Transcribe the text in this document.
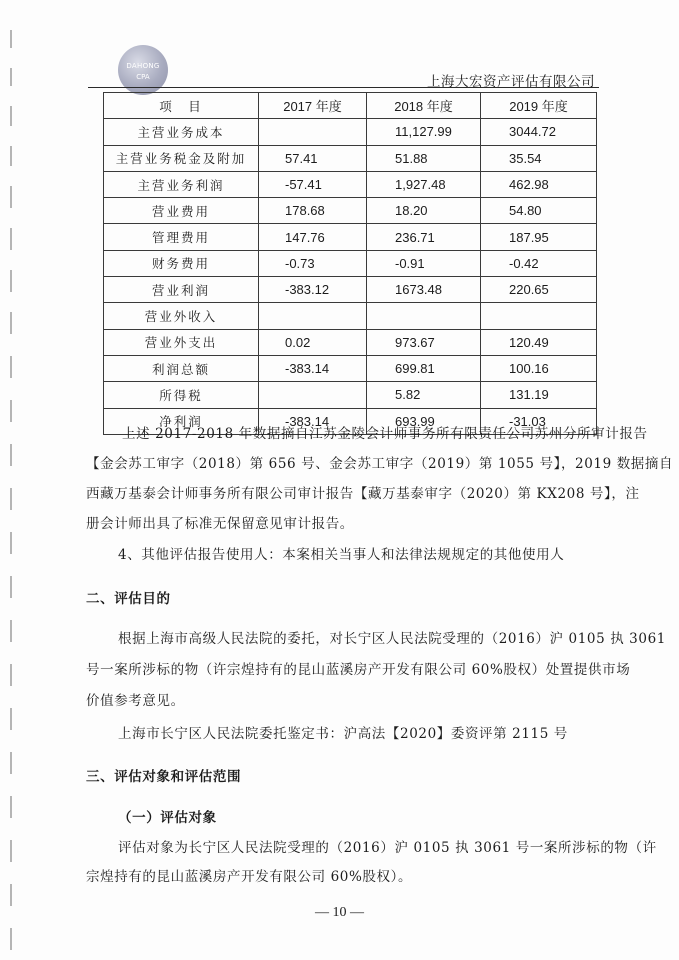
DAHONG
CPA	上海大宏资产评估有限公司
项　目	2017 年度	2018 年度	2019 年度
主营业务成本		11,127.99	3044.72
主营业务税金及附加	57.41	51.88	35.54
主营业务利润	-57.41	1,927.48	462.98
营业费用	178.68	18.20	54.80
管理费用	147.76	236.71	187.95
财务费用	-0.73	-0.91	-0.42
营业利润	-383.12	1673.48	220.65
营业外收入			
营业外支出	0.02	973.67	120.49
利润总额	-383.14	699.81	100.16
所得税		5.82	131.19
净利润	-383.14	693.99	-31.03
上述 2017-2018 年数据摘自江苏金陵会计师事务所有限责任公司苏州分所审计报告
【金会苏工审字（2018）第 656 号、金会苏工审字（2019）第 1055 号】，2019 数据摘自
西藏万基泰会计师事务所有限公司审计报告【藏万基泰审字（2020）第 KX208 号】，注
册会计师出具了标准无保留意见审计报告。
4、其他评估报告使用人：本案相关当事人和法律法规规定的其他使用人
二、评估目的
根据上海市高级人民法院的委托，对长宁区人民法院受理的（2016）沪 0105 执 3061
号一案所涉标的物（许宗煌持有的昆山蓝溪房产开发有限公司 60%股权）处置提供市场
价值参考意见。
上海市长宁区人民法院委托鉴定书：沪高法【2020】委资评第 2115 号
三、评估对象和评估范围
（一）评估对象
评估对象为长宁区人民法院受理的（2016）沪 0105 执 3061 号一案所涉标的物（许
宗煌持有的昆山蓝溪房产开发有限公司 60%股权）。
— 10 —
